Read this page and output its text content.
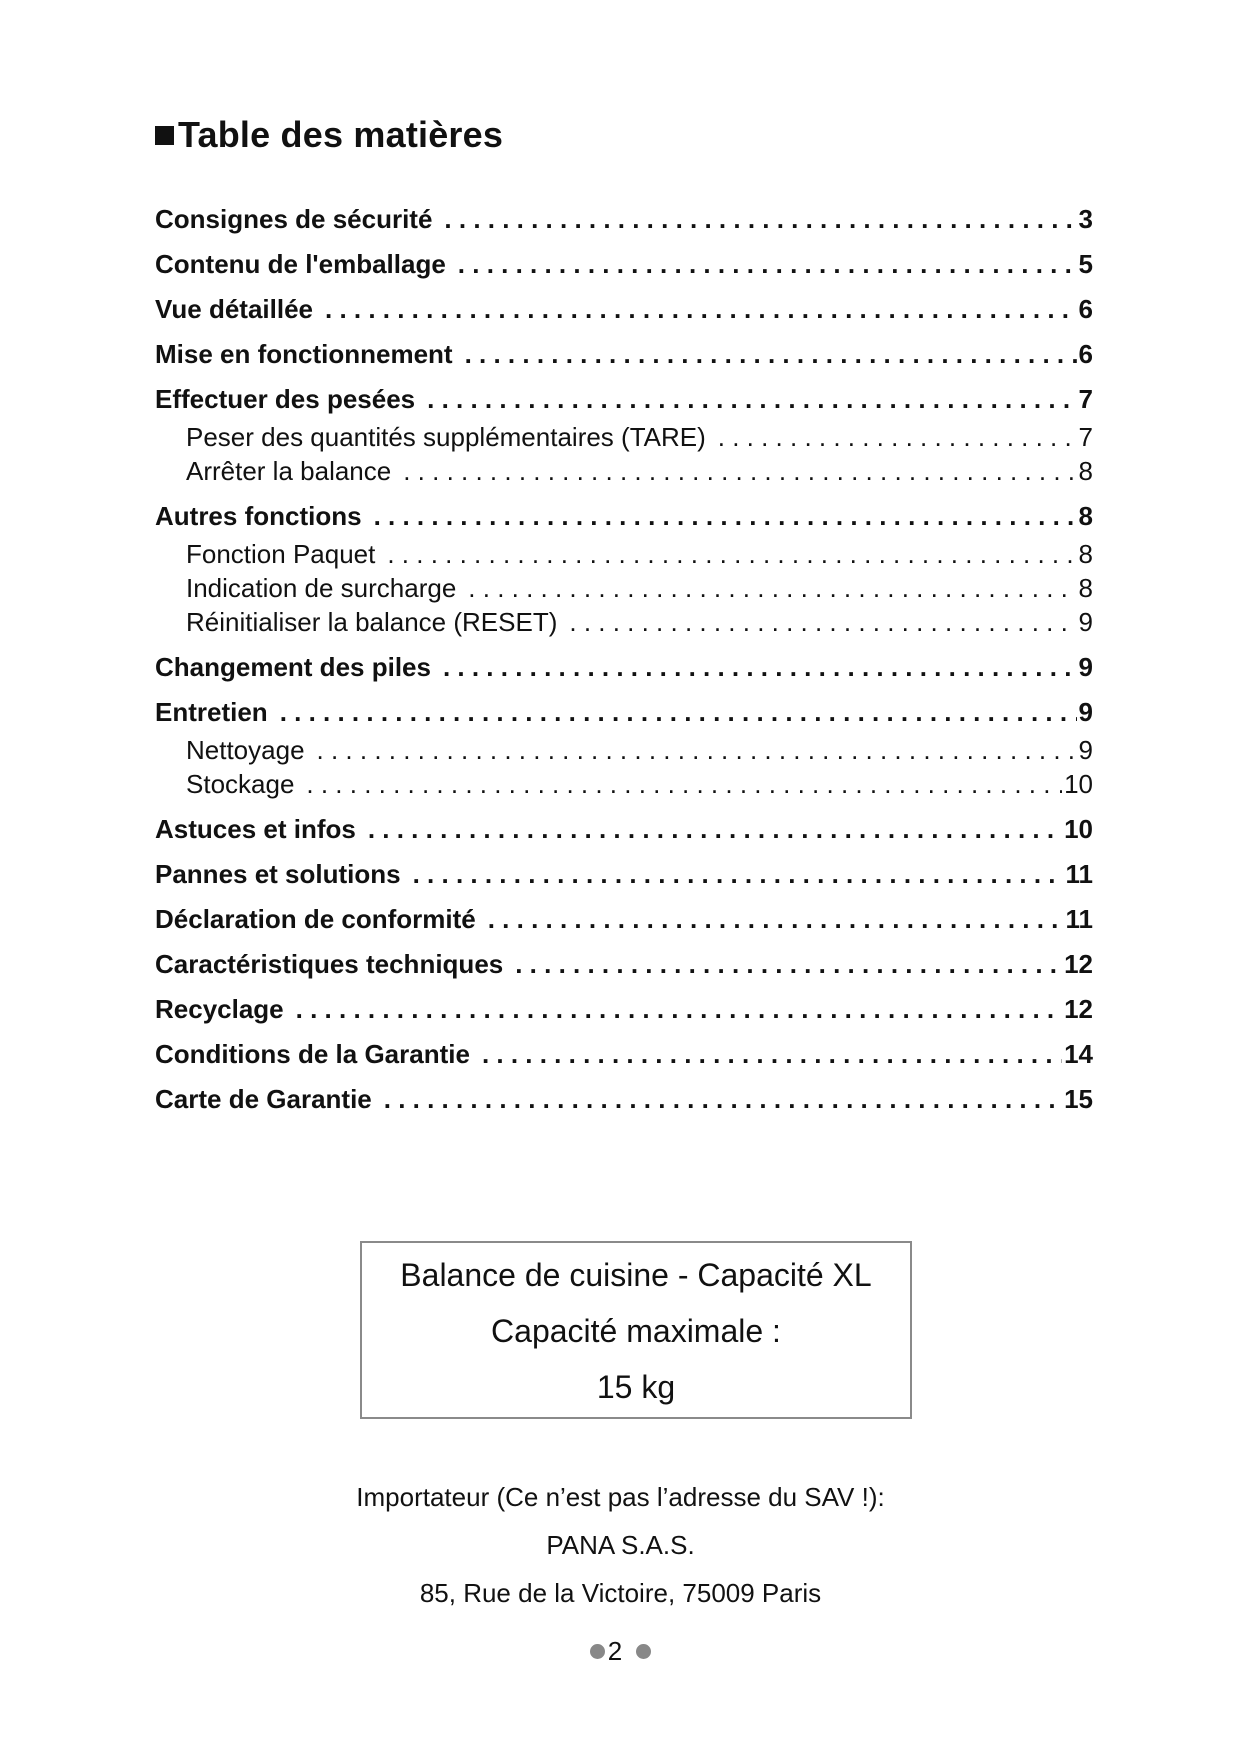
Table des matières
Consignes de sécurité . . .	3
Contenu de l'emballage . . .	5
Vue détaillée . . .	6
Mise en fonctionnement . . .	6
Effectuer des pesées . . .	7
Peser des quantités supplémentaires (TARE) . . .	7
Arrêter la balance . . .	8
Autres fonctions . . .	8
Fonction Paquet . . .	8
Indication de surcharge . . .	8
Réinitialiser la balance (RESET) . . .	9
Changement des piles . . .	9
Entretien . . .	9
Nettoyage . . .	9
Stockage . . .	10
Astuces et infos . . .	10
Pannes et solutions . . .	11
Déclaration de conformité . . .	11
Caractéristiques techniques . . .	12
Recyclage . . .	12
Conditions de la Garantie . . .	14
Carte de Garantie . . .	15
Balance de cuisine - Capacité XL
Capacité maximale :
15 kg
Importateur (Ce n’est pas l’adresse du SAV !):
PANA S.A.S.
85, Rue de la Victoire, 75009 Paris
2
